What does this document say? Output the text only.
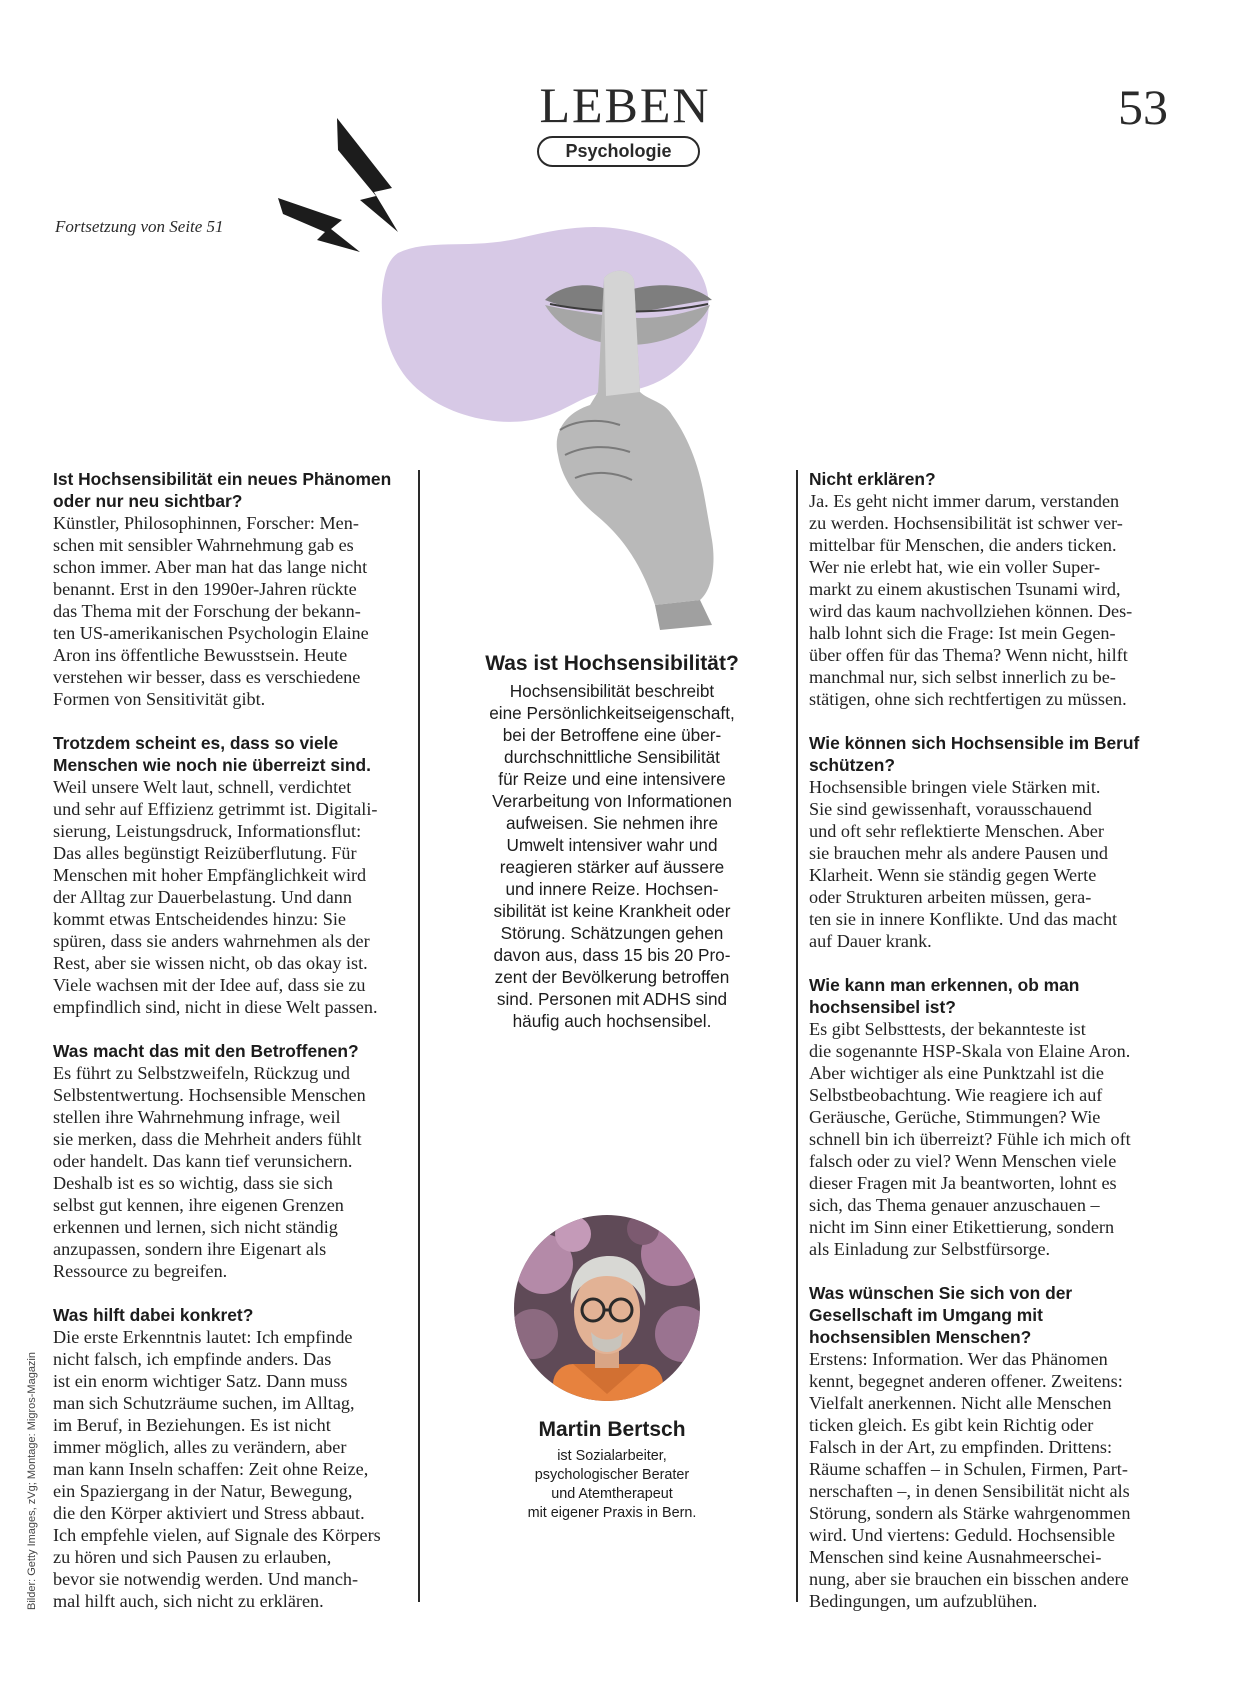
LEBEN
Psychologie
53
Fortsetzung von Seite 51

Ist Hochsensibilität ein neues Phänomen oder nur neu sichtbar?

Künstler, Philosophinnen, Forscher: Men-
schen mit sensibler Wahrnehmung gab es
schon immer. Aber man hat das lange nicht
benannt. Erst in den 1990er-Jahren rückte
das Thema mit der Forschung der bekann-
ten US-amerikanischen Psychologin Elaine
Aron ins öffentliche Bewusstsein. Heute
verstehen wir besser, dass es verschiedene
Formen von Sensitivität gibt.

Trotzdem scheint es, dass so viele Menschen wie noch nie überreizt sind.

Weil unsere Welt laut, schnell, verdichtet
und sehr auf Effizienz getrimmt ist. Digitali-
sierung, Leistungsdruck, Informationsflut:
Das alles begünstigt Reizüberflutung. Für
Menschen mit hoher Empfänglichkeit wird
der Alltag zur Dauerbelastung. Und dann
kommt etwas Entscheidendes hinzu: Sie
spüren, dass sie anders wahrnehmen als der
Rest, aber sie wissen nicht, ob das okay ist.
Viele wachsen mit der Idee auf, dass sie zu
empfindlich sind, nicht in diese Welt passen.

Was macht das mit den Betroffenen?

Es führt zu Selbstzweifeln, Rückzug und
Selbstentwertung. Hochsensible Menschen
stellen ihre Wahrnehmung infrage, weil
sie merken, dass die Mehrheit anders fühlt
oder handelt. Das kann tief verunsichern.
Deshalb ist es so wichtig, dass sie sich
selbst gut kennen, ihre eigenen Grenzen
erkennen und lernen, sich nicht ständig
anzupassen, sondern ihre Eigenart als
Ressource zu begreifen.

Was hilft dabei konkret?

Die erste Erkenntnis lautet: Ich empfinde
nicht falsch, ich empfinde anders. Das
ist ein enorm wichtiger Satz. Dann muss
man sich Schutzräume suchen, im Alltag,
im Beruf, in Beziehungen. Es ist nicht
immer möglich, alles zu verändern, aber
man kann Inseln schaffen: Zeit ohne Reize,
ein Spaziergang in der Natur, Bewegung,
die den Körper aktiviert und Stress abbaut.
Ich empfehle vielen, auf Signale des Körpers
zu hören und sich Pausen zu erlauben,
bevor sie notwendig werden. Und manch-
mal hilft auch, sich nicht zu erklären.

Was ist Hochsensibilität?
Hochsensibilität beschreibt
eine Persönlichkeitseigenschaft,
bei der Betroffene eine über-
durchschnittliche Sensibilität
für Reize und eine intensivere
Verarbeitung von Informationen
aufweisen. Sie nehmen ihre
Umwelt intensiver wahr und
reagieren stärker auf äussere
und innere Reize. Hochsen-
sibilität ist keine Krankheit oder
Störung. Schätzungen gehen
davon aus, dass 15 bis 20 Pro-
zent der Bevölkerung betroffen
sind. Personen mit ADHS sind
häufig auch hochsensibel.
Martin Bertsch
ist Sozialarbeiter,
psychologischer Berater
und Atemtherapeut
mit eigener Praxis in Bern.

Nicht erklären?

Ja. Es geht nicht immer darum, verstanden
zu werden. Hochsensibilität ist schwer ver-
mittelbar für Menschen, die anders ticken.
Wer nie erlebt hat, wie ein voller Super-
markt zu einem akustischen Tsunami wird,
wird das kaum nachvollziehen können. Des-
halb lohnt sich die Frage: Ist mein Gegen-
über offen für das Thema? Wenn nicht, hilft
manchmal nur, sich selbst innerlich zu be-
stätigen, ohne sich rechtfertigen zu müssen.

Wie können sich Hochsensible im Beruf schützen?

Hochsensible bringen viele Stärken mit.
Sie sind gewissenhaft, vorausschauend
und oft sehr reflektierte Menschen. Aber
sie brauchen mehr als andere Pausen und
Klarheit. Wenn sie ständig gegen Werte
oder Strukturen arbeiten müssen, gera-
ten sie in innere Konflikte. Und das macht
auf Dauer krank.

Wie kann man erkennen, ob man hochsensibel ist?

Es gibt Selbsttests, der bekannteste ist
die sogenannte HSP-Skala von Elaine Aron.
Aber wichtiger als eine Punktzahl ist die
Selbstbeobachtung. Wie reagiere ich auf
Geräusche, Gerüche, Stimmungen? Wie
schnell bin ich überreizt? Fühle ich mich oft
falsch oder zu viel? Wenn Menschen viele
dieser Fragen mit Ja beantworten, lohnt es
sich, das Thema genauer anzuschauen –
nicht im Sinn einer Etikettierung, sondern
als Einladung zur Selbstfürsorge.

Was wünschen Sie sich von der Gesellschaft im Umgang mit hochsensiblen Menschen?

Erstens: Information. Wer das Phänomen
kennt, begegnet anderen offener. Zweitens:
Vielfalt anerkennen. Nicht alle Menschen
ticken gleich. Es gibt kein Richtig oder
Falsch in der Art, zu empfinden. Drittens:
Räume schaffen – in Schulen, Firmen, Part-
nerschaften –, in denen Sensibilität nicht als
Störung, sondern als Stärke wahrgenommen
wird. Und viertens: Geduld. Hochsensible
Menschen sind keine Ausnahmeerschei-
nung, aber sie brauchen ein bisschen andere
Bedingungen, um aufzublühen.

Bilder: Getty Images, zVg; Montage: Migros-Magazin
